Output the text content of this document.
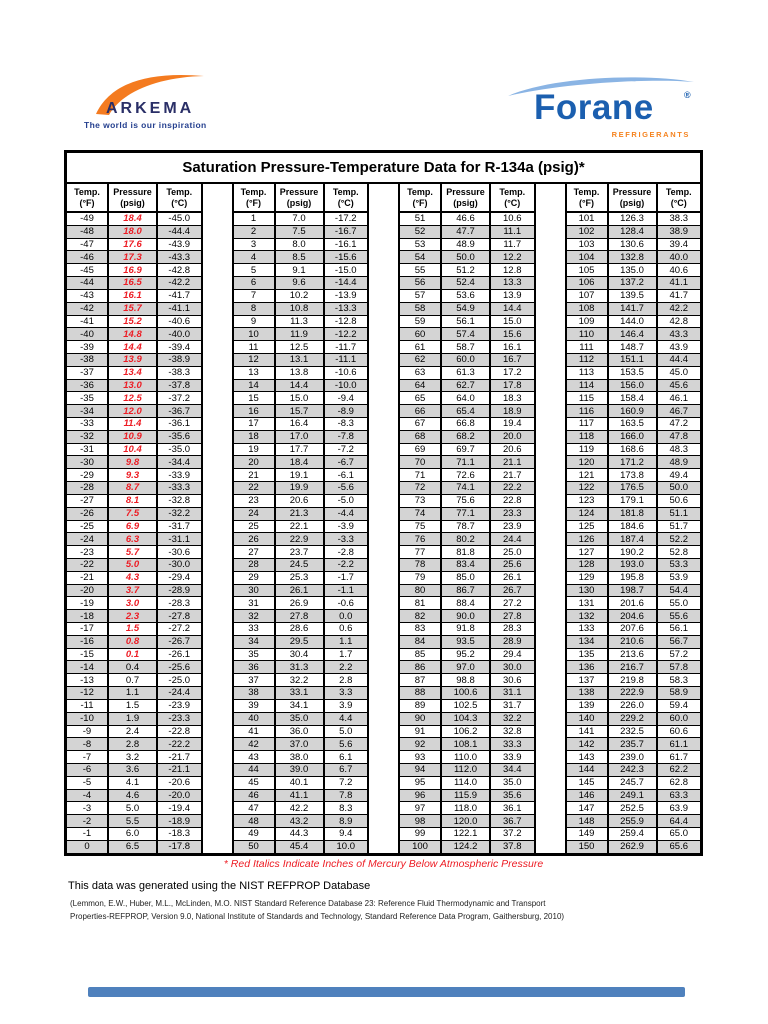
ARKEMA
The world is our inspiration	Forane	®
REFRIGERANTS
Saturation Pressure-Temperature Data for R-134a (psig)*
Temp.
(°F)
Pressure
(psig)
Temp.
(°C)
-49	18.4	-45.0
-48	18.0	-44.4
-47	17.6	-43.9
-46	17.3	-43.3
-45	16.9	-42.8
-44	16.5	-42.2
-43	16.1	-41.7
-42	15.7	-41.1
-41	15.2	-40.6
-40	14.8	-40.0
-39	14.4	-39.4
-38	13.9	-38.9
-37	13.4	-38.3
-36	13.0	-37.8
-35	12.5	-37.2
-34	12.0	-36.7
-33	11.4	-36.1
-32	10.9	-35.6
-31	10.4	-35.0
-30	9.8	-34.4
-29	9.3	-33.9
-28	8.7	-33.3
-27	8.1	-32.8
-26	7.5	-32.2
-25	6.9	-31.7
-24	6.3	-31.1
-23	5.7	-30.6
-22	5.0	-30.0
-21	4.3	-29.4
-20	3.7	-28.9
-19	3.0	-28.3
-18	2.3	-27.8
-17	1.5	-27.2
-16	0.8	-26.7
-15	0.1	-26.1
-14	0.4	-25.6
-13	0.7	-25.0
-12	1.1	-24.4
-11	1.5	-23.9
-10	1.9	-23.3
-9	2.4	-22.8
-8	2.8	-22.2
-7	3.2	-21.7
-6	3.6	-21.1
-5	4.1	-20.6
-4	4.6	-20.0
-3	5.0	-19.4
-2	5.5	-18.9
-1	6.0	-18.3
0	6.5	-17.8
Temp.
(°F)
Pressure
(psig)
Temp.
(°C)
1	7.0	-17.2
2	7.5	-16.7
3	8.0	-16.1
4	8.5	-15.6
5	9.1	-15.0
6	9.6	-14.4
7	10.2	-13.9
8	10.8	-13.3
9	11.3	-12.8
10	11.9	-12.2
11	12.5	-11.7
12	13.1	-11.1
13	13.8	-10.6
14	14.4	-10.0
15	15.0	-9.4
16	15.7	-8.9
17	16.4	-8.3
18	17.0	-7.8
19	17.7	-7.2
20	18.4	-6.7
21	19.1	-6.1
22	19.9	-5.6
23	20.6	-5.0
24	21.3	-4.4
25	22.1	-3.9
26	22.9	-3.3
27	23.7	-2.8
28	24.5	-2.2
29	25.3	-1.7
30	26.1	-1.1
31	26.9	-0.6
32	27.8	0.0
33	28.6	0.6
34	29.5	1.1
35	30.4	1.7
36	31.3	2.2
37	32.2	2.8
38	33.1	3.3
39	34.1	3.9
40	35.0	4.4
41	36.0	5.0
42	37.0	5.6
43	38.0	6.1
44	39.0	6.7
45	40.1	7.2
46	41.1	7.8
47	42.2	8.3
48	43.2	8.9
49	44.3	9.4
50	45.4	10.0
Temp.
(°F)
Pressure
(psig)
Temp.
(°C)
51	46.6	10.6
52	47.7	11.1
53	48.9	11.7
54	50.0	12.2
55	51.2	12.8
56	52.4	13.3
57	53.6	13.9
58	54.9	14.4
59	56.1	15.0
60	57.4	15.6
61	58.7	16.1
62	60.0	16.7
63	61.3	17.2
64	62.7	17.8
65	64.0	18.3
66	65.4	18.9
67	66.8	19.4
68	68.2	20.0
69	69.7	20.6
70	71.1	21.1
71	72.6	21.7
72	74.1	22.2
73	75.6	22.8
74	77.1	23.3
75	78.7	23.9
76	80.2	24.4
77	81.8	25.0
78	83.4	25.6
79	85.0	26.1
80	86.7	26.7
81	88.4	27.2
82	90.0	27.8
83	91.8	28.3
84	93.5	28.9
85	95.2	29.4
86	97.0	30.0
87	98.8	30.6
88	100.6	31.1
89	102.5	31.7
90	104.3	32.2
91	106.2	32.8
92	108.1	33.3
93	110.0	33.9
94	112.0	34.4
95	114.0	35.0
96	115.9	35.6
97	118.0	36.1
98	120.0	36.7
99	122.1	37.2
100	124.2	37.8
Temp.
(°F)
Pressure
(psig)
Temp.
(°C)
101	126.3	38.3
102	128.4	38.9
103	130.6	39.4
104	132.8	40.0
105	135.0	40.6
106	137.2	41.1
107	139.5	41.7
108	141.7	42.2
109	144.0	42.8
110	146.4	43.3
111	148.7	43.9
112	151.1	44.4
113	153.5	45.0
114	156.0	45.6
115	158.4	46.1
116	160.9	46.7
117	163.5	47.2
118	166.0	47.8
119	168.6	48.3
120	171.2	48.9
121	173.8	49.4
122	176.5	50.0
123	179.1	50.6
124	181.8	51.1
125	184.6	51.7
126	187.4	52.2
127	190.2	52.8
128	193.0	53.3
129	195.8	53.9
130	198.7	54.4
131	201.6	55.0
132	204.6	55.6
133	207.6	56.1
134	210.6	56.7
135	213.6	57.2
136	216.7	57.8
137	219.8	58.3
138	222.9	58.9
139	226.0	59.4
140	229.2	60.0
141	232.5	60.6
142	235.7	61.1
143	239.0	61.7
144	242.3	62.2
145	245.7	62.8
146	249.1	63.3
147	252.5	63.9
148	255.9	64.4
149	259.4	65.0
150	262.9	65.6
* Red Italics Indicate Inches of Mercury Below Atmospheric Pressure
This data was generated using the NIST REFPROP Database
(Lemmon, E.W., Huber, M.L., McLinden, M.O. NIST Standard Reference Database 23: Reference Fluid Thermodynamic and Transport
Properties-REFPROP, Version 9.0, National Institute of Standards and Technology, Standard Reference Data Program, Gaithersburg, 2010)
